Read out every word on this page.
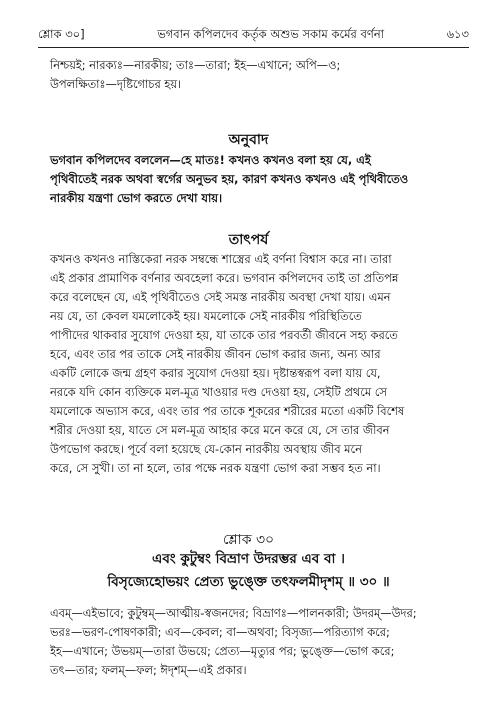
শ্লোক ৩০]	ভগবান কপিলদেব কর্তৃক অশুভ সকাম কর্মের বর্ণনা	৬১৩

নিশ্চয়ই; নারক্যঃ—নারকীয়; তাঃ—তারা; ইহ—এখানে; অপি—ও;

উপলক্ষিতাঃ—দৃষ্টিগোচর হয়।

অনুবাদ

ভগবান কপিলদেব বললেন—হে মাতঃ! কখনও কখনও বলা হয় যে, এই

পৃথিবীতেই নরক অথবা স্বর্গের অনুভব হয়, কারণ কখনও কখনও এই পৃথিবীতেও

নারকীয় যন্ত্রণা ভোগ করতে দেখা যায়।

তাৎপর্য

কখনও কখনও নাস্তিকেরা নরক সম্বন্ধে শাস্ত্রের এই বর্ণনা বিশ্বাস করে না। তারা

এই প্রকার প্রামাণিক বর্ণনার অবহেলা করে। ভগবান কপিলদেব তাই তা প্রতিপন্ন

করে বলেছেন যে, এই পৃথিবীতেও সেই সমস্ত নারকীয় অবস্থা দেখা যায়। এমন

নয় যে, তা কেবল যমলোকেই হয়। যমলোকে সেই নারকীয় পরিস্থিতিতে

পাপীদের থাকবার সুযোগ দেওয়া হয়, যা তাকে তার পরবর্তী জীবনে সহ্য করতে

হবে, এবং তার পর তাকে সেই নারকীয় জীবন ভোগ করার জন্য, অন্য আর

একটি লোকে জন্ম গ্রহণ করার সুযোগ দেওয়া হয়। দৃষ্টান্তস্বরূপ বলা যায় যে,

নরকে যদি কোন ব্যক্তিকে মল-মূত্র খাওয়ার দণ্ড দেওয়া হয়, সেইটি প্রথমে সে

যমলোকে অভ্যাস করে, এবং তার পর তাকে শূকরের শরীরের মতো একটি বিশেষ

শরীর দেওয়া হয়, যাতে সে মল-মূত্র আহার করে মনে করে যে, সে তার জীবন

উপভোগ করছে। পূর্বে বলা হয়েছে যে-কোন নারকীয় অবস্থায় জীব মনে

করে, সে সুখী। তা না হলে, তার পক্ষে নরক যন্ত্রণা ভোগ করা সম্ভব হত না।

শ্লোক ৩০
এবং কুটুম্বং বিভ্রাণ উদরম্ভর এব বা ।
বিসৃজ্যেহোভয়ং প্রেত্য ভুঙ্ক্তে তৎফলমীদৃশম্ ॥ ৩০ ॥

এবম্—এইভাবে; কুটুম্বম্—আত্মীয়-স্বজনদের; বিভ্রাণঃ—পালনকারী; উদরম্—উদর;

ভরঃ—ভরণ-পোষণকারী; এব—কেবল; বা—অথবা; বিসৃজ্য—পরিত্যাগ করে;

ইহ—এখানে; উভয়ম্—তারা উভয়ে; প্রেত্য—মৃত্যুর পর; ভুঙ্ক্তে—ভোগ করে;

তৎ—তার; ফলম্—ফল; ঈদৃশম্—এই প্রকার।
